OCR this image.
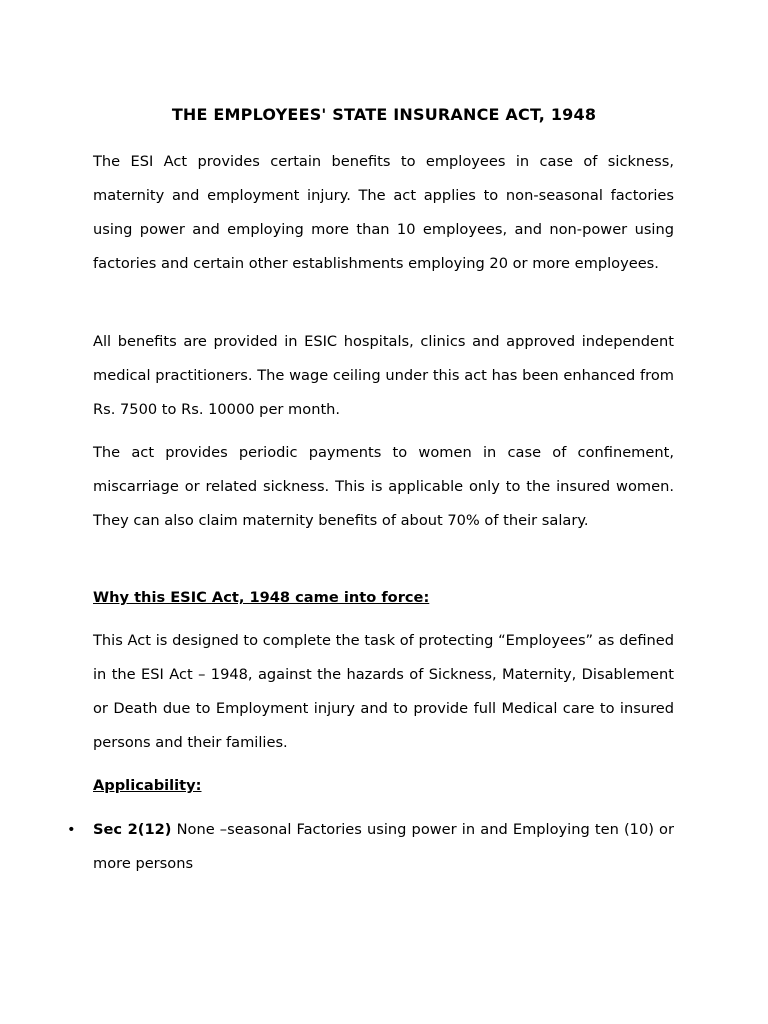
THE EMPLOYEES' STATE INSURANCE ACT, 1948

The ESI Act provides certain benefits to employees in case of sickness, maternity and employment injury. The act applies to non-seasonal factories using power and employing more than 10 employees, and non-power using factories and certain other establishments employing 20 or more employees.

All benefits are provided in ESIC hospitals, clinics and approved independent medical practitioners. The wage ceiling under this act has been enhanced from Rs. 7500 to Rs. 10000 per month.

The act provides periodic payments to women in case of confinement, miscarriage or related sickness. This is applicable only to the insured women. They can also claim maternity benefits of about 70% of their salary.

Why this ESIC Act, 1948 came into force:

This Act is designed to complete the task of protecting “Employees” as defined in the ESI Act – 1948, against the hazards of Sickness, Maternity, Disablement or Death due to Employment injury and to provide full Medical care to insured persons and their families.

Applicability:

• Sec 2(12) None –seasonal Factories using power in and Employing ten (10) or more persons
